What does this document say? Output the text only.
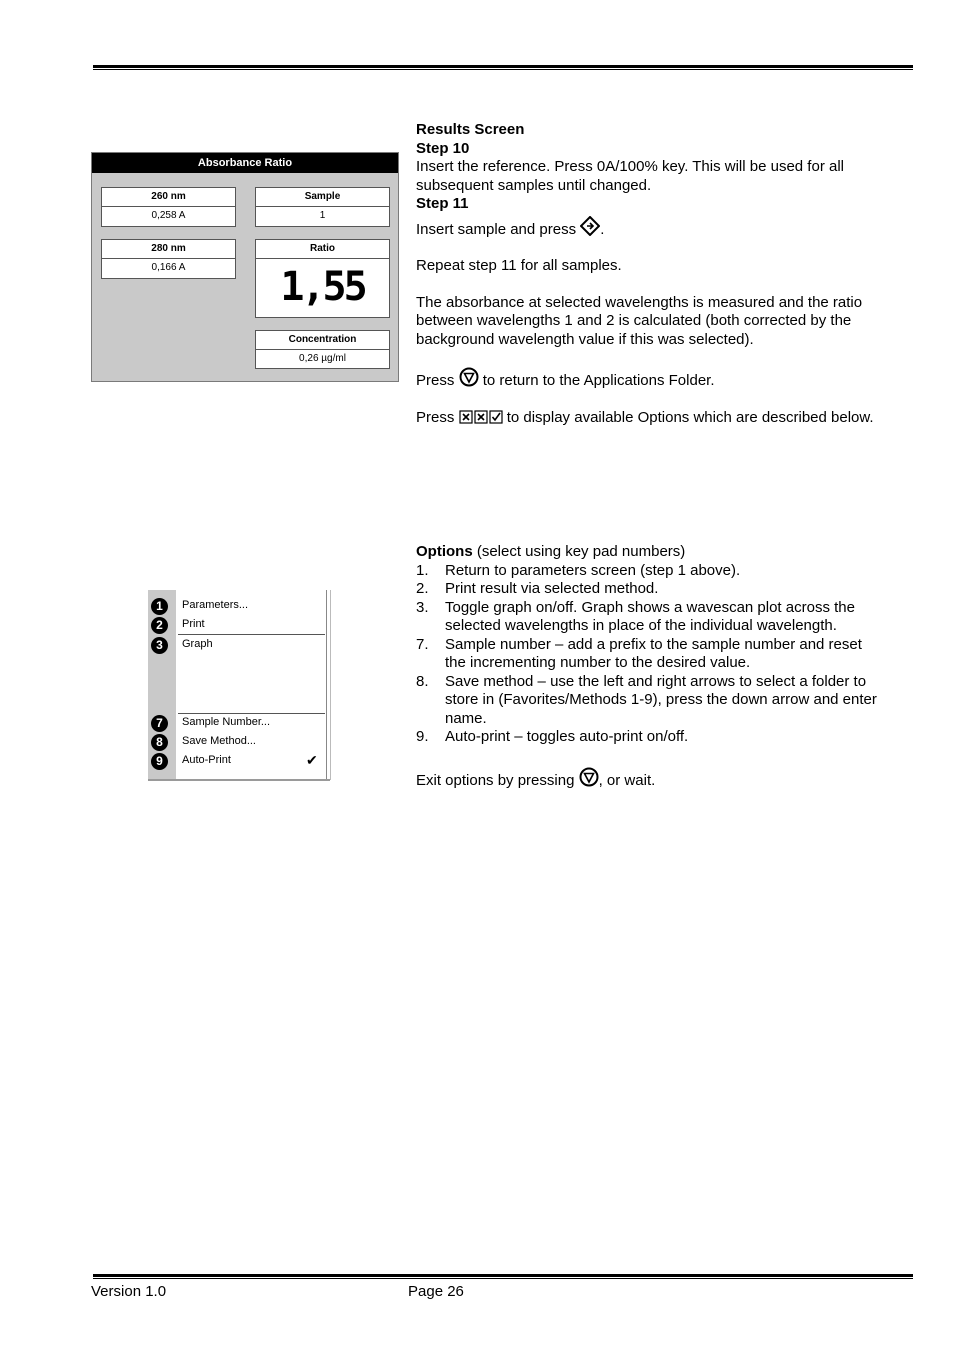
Absorbance Ratio
260 nm
0,258 A
Sample
1
280 nm
0,166 A
Ratio
1,55
Concentration
0,26 µg/ml
Results Screen
Step 10
Insert the reference. Press 0A/100% key. This will be used for all subsequent samples until changed.
Step 11
Insert sample and press .
Repeat step 11 for all samples.
The absorbance at selected wavelengths is measured and the ratio between wavelengths 1 and 2 is calculated (both corrected by the background wavelength value if this was selected).
Press to return to the Applications Folder.
Press	to display available Options which are described below.
1	Parameters...
2	Print
3	Graph
7	Sample Number...
8	Save Method...
9	Auto-Print	✔
Options (select using key pad numbers)
1. Return to parameters screen (step 1 above).
2. Print result via selected method.
3. Toggle graph on/off. Graph shows a wavescan plot across the selected wavelengths in place of the individual wavelength.
7. Sample number – add a prefix to the sample number and reset the incrementing number to the desired value.
8. Save method – use the left and right arrows to select a folder to store in (Favorites/Methods 1-9), press the down arrow and enter name.
9. Auto-print – toggles auto-print on/off.
Exit options by pressing , or wait.
Version 1.0	Page 26
